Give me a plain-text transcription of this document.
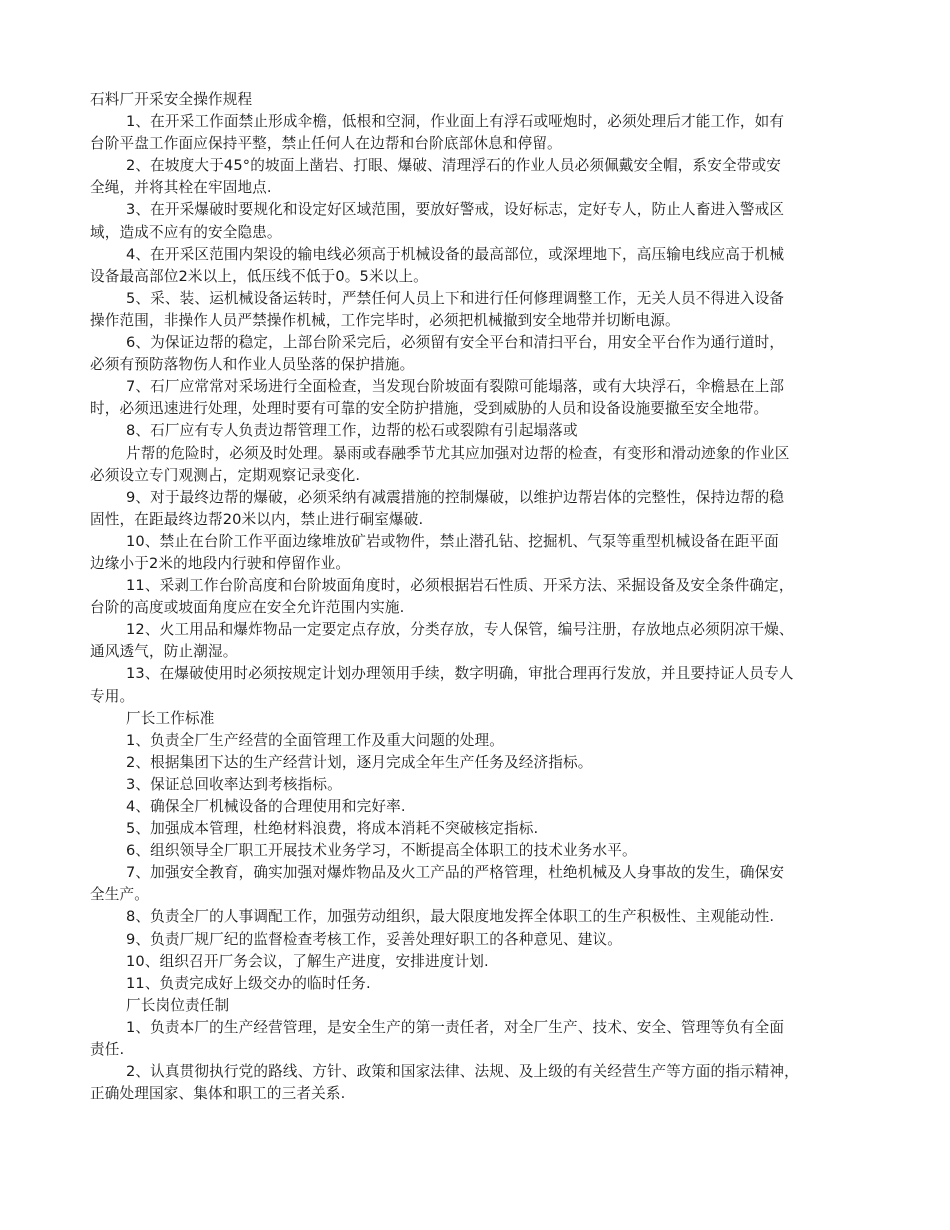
石料厂开采安全操作规程
1、在开采工作面禁止形成伞檐，低根和空洞，作业面上有浮石或哑炮时，必须处理后才能工作，如有
台阶平盘工作面应保持平整，禁止任何人在边帮和台阶底部休息和停留。
2、在坡度大于45°的坡面上凿岩、打眼、爆破、清理浮石的作业人员必须佩戴安全帽，系安全带或安
全绳，并将其栓在牢固地点.
3、在开采爆破时要规化和设定好区域范围，要放好警戒，设好标志，定好专人，防止人畜进入警戒区
域，造成不应有的安全隐患。
4、在开采区范围内架设的输电线必须高于机械设备的最高部位，或深埋地下，高压输电线应高于机械
设备最高部位2米以上，低压线不低于0。5米以上。
5、采、装、运机械设备运转时，严禁任何人员上下和进行任何修理调整工作，无关人员不得进入设备
操作范围，非操作人员严禁操作机械，工作完毕时，必须把机械撤到安全地带并切断电源。
6、为保证边帮的稳定，上部台阶采完后，必须留有安全平台和清扫平台，用安全平台作为通行道时，
必须有预防落物伤人和作业人员坠落的保护措施。
7、石厂应常常对采场进行全面检查，当发现台阶坡面有裂隙可能塌落，或有大块浮石，伞檐悬在上部
时，必须迅速进行处理，处理时要有可靠的安全防护措施，受到威胁的人员和设备设施要撤至安全地带。
8、石厂应有专人负责边帮管理工作，边帮的松石或裂隙有引起塌落或
片帮的危险时，必须及时处理。暴雨或春融季节尤其应加强对边帮的检查，有变形和滑动迹象的作业区
必须设立专门观测占，定期观察记录变化.
9、对于最终边帮的爆破，必须采纳有减震措施的控制爆破，以维护边帮岩体的完整性，保持边帮的稳
固性，在距最终边帮20米以内，禁止进行硐室爆破.
10、禁止在台阶工作平面边缘堆放矿岩或物件，禁止潜孔钻、挖掘机、气泵等重型机械设备在距平面
边缘小于2米的地段内行驶和停留作业。
11、采剥工作台阶高度和台阶坡面角度时，必须根据岩石性质、开采方法、采掘设备及安全条件确定，
台阶的高度或坡面角度应在安全允许范围内实施.
12、火工用品和爆炸物品一定要定点存放，分类存放，专人保管，编号注册，存放地点必须阴凉干燥、
通风透气，防止潮湿。
13、在爆破使用时必须按规定计划办理领用手续，数字明确，审批合理再行发放，并且要持证人员专人
专用。
厂长工作标准
1、负责全厂生产经营的全面管理工作及重大问题的处理。
2、根据集团下达的生产经营计划，逐月完成全年生产任务及经济指标。
3、保证总回收率达到考核指标。
4、确保全厂机械设备的合理使用和完好率.
5、加强成本管理，杜绝材料浪费，将成本消耗不突破核定指标.
6、组织领导全厂职工开展技术业务学习，不断提高全体职工的技术业务水平。
7、加强安全教育，确实加强对爆炸物品及火工产品的严格管理，杜绝机械及人身事故的发生，确保安
全生产。
8、负责全厂的人事调配工作，加强劳动组织，最大限度地发挥全体职工的生产积极性、主观能动性.
9、负责厂规厂纪的监督检查考核工作，妥善处理好职工的各种意见、建议。
10、组织召开厂务会议，了解生产进度，安排进度计划.
11、负责完成好上级交办的临时任务.
厂长岗位责任制
1、负责本厂的生产经营管理，是安全生产的第一责任者，对全厂生产、技术、安全、管理等负有全面
责任.
2、认真贯彻执行党的路线、方针、政策和国家法律、法规、及上级的有关经营生产等方面的指示精神，
正确处理国家、集体和职工的三者关系.
